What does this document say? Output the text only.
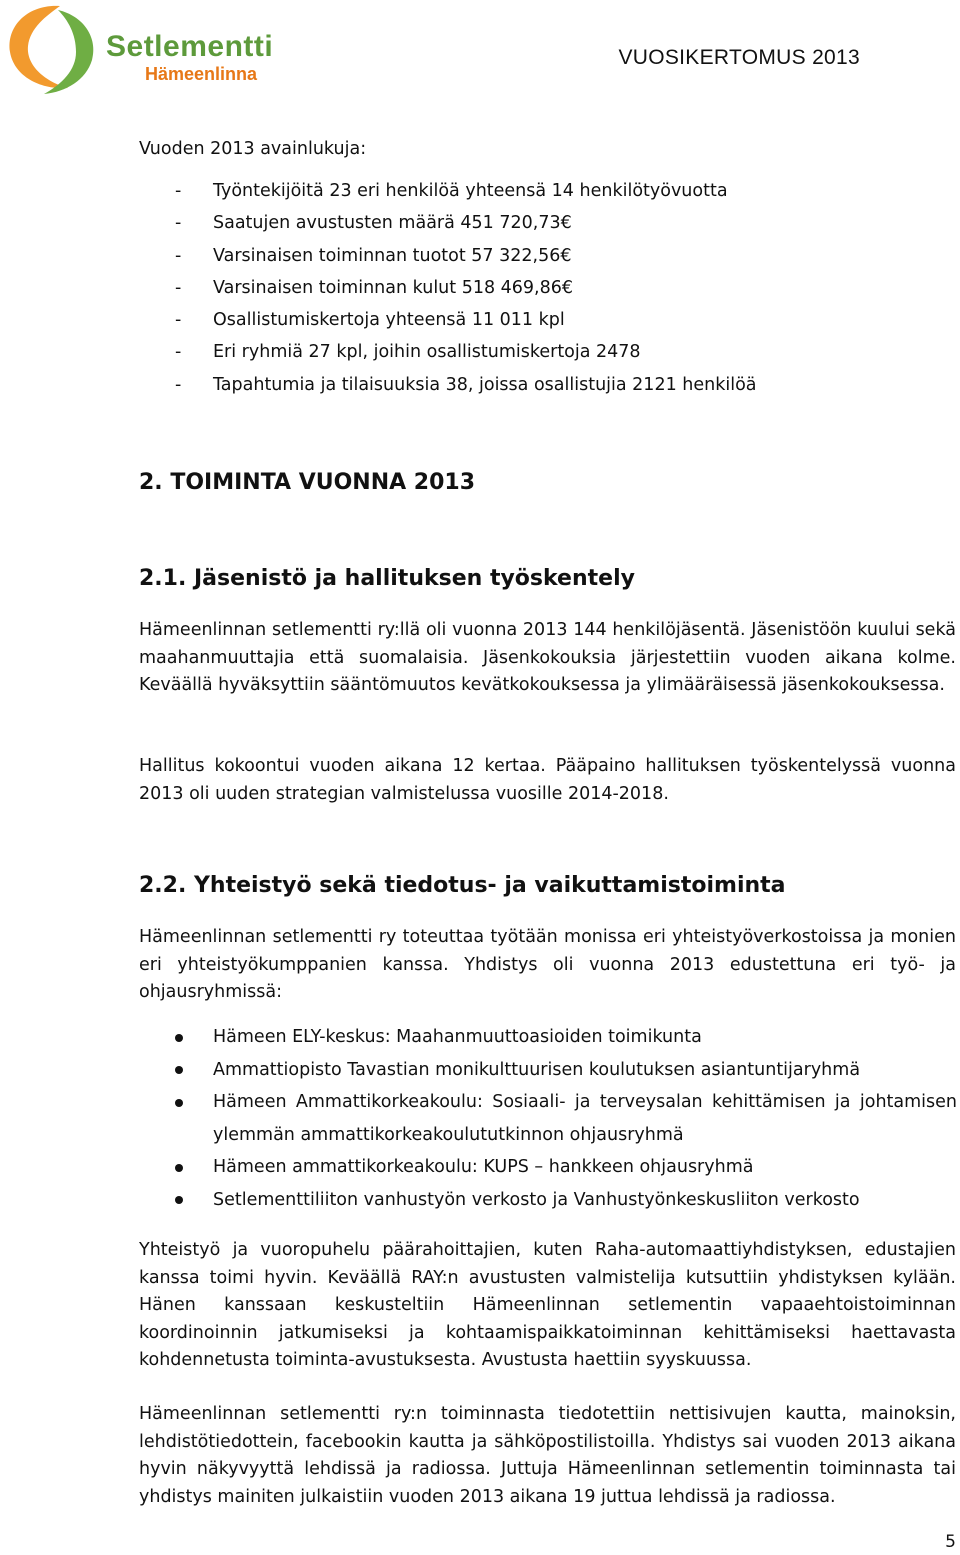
Setlementti

Hämeenlinna

VUOSIKERTOMUS 2013

Vuoden 2013 avainlukuja:

- Työntekijöitä 23 eri henkilöä yhteensä 14 henkilötyövuotta
- Saatujen avustusten määrä 451 720,73€
- Varsinaisen toiminnan tuotot 57 322,56€
- Varsinaisen toiminnan kulut 518 469,86€
- Osallistumiskertoja yhteensä 11 011 kpl
- Eri ryhmiä 27 kpl, joihin osallistumiskertoja 2478
- Tapahtumia ja tilaisuuksia 38, joissa osallistujia 2121 henkilöä
2. TOIMINTA VUONNA 2013
2.1. Jäsenistö ja hallituksen työskentely

Hämeenlinnan setlementti ry:llä oli vuonna 2013 144 henkilöjäsentä. Jäsenistöön kuului sekä maahanmuuttajia että suomalaisia. Jäsenkokouksia järjestettiin vuoden aikana kolme. Keväällä hyväksyttiin sääntömuutos kevätkokouksessa ja ylimääräisessä jäsenkokouksessa.

Hallitus kokoontui vuoden aikana 12 kertaa. Pääpaino hallituksen työskentelyssä vuonna 2013 oli uuden strategian valmistelussa vuosille 2014-2018.

2.2. Yhteistyö sekä tiedotus- ja vaikuttamistoiminta

Hämeenlinnan setlementti ry toteuttaa työtään monissa eri yhteistyöverkostoissa ja monien eri yhteistyökumppanien kanssa. Yhdistys oli vuonna 2013 edustettuna eri työ- ja ohjausryhmissä:

Hämeen ELY-keskus: Maahanmuuttoasioiden toimikunta
Ammattiopisto Tavastian monikulttuurisen koulutuksen asiantuntijaryhmä
Hämeen Ammattikorkeakoulu: Sosiaali- ja terveysalan kehittämisen ja johtamisen ylemmän ammattikorkeakoulututkinnon ohjausryhmä
Hämeen ammattikorkeakoulu: KUPS – hankkeen ohjausryhmä
Setlementtiliiton vanhustyön verkosto ja Vanhustyönkeskusliiton verkosto

Yhteistyö ja vuoropuhelu päärahoittajien, kuten Raha-automaattiyhdistyksen, edustajien kanssa toimi hyvin. Keväällä RAY:n avustusten valmistelija kutsuttiin yhdistyksen kylään. Hänen kanssaan keskusteltiin Hämeenlinnan setlementin vapaaehtoistoiminnan koordinoinnin jatkumiseksi ja kohtaamispaikkatoiminnan kehittämiseksi haettavasta kohdennetusta toiminta-avustuksesta. Avustusta haettiin syyskuussa.

Hämeenlinnan setlementti ry:n toiminnasta tiedotettiin nettisivujen kautta, mainoksin, lehdistötiedottein, facebookin kautta ja sähköpostilistoilla. Yhdistys sai vuoden 2013 aikana hyvin näkyvyyttä lehdissä ja radiossa. Juttuja Hämeenlinnan setlementin toiminnasta tai yhdistys mainiten julkaistiin vuoden 2013 aikana 19 juttua lehdissä ja radiossa.

5
